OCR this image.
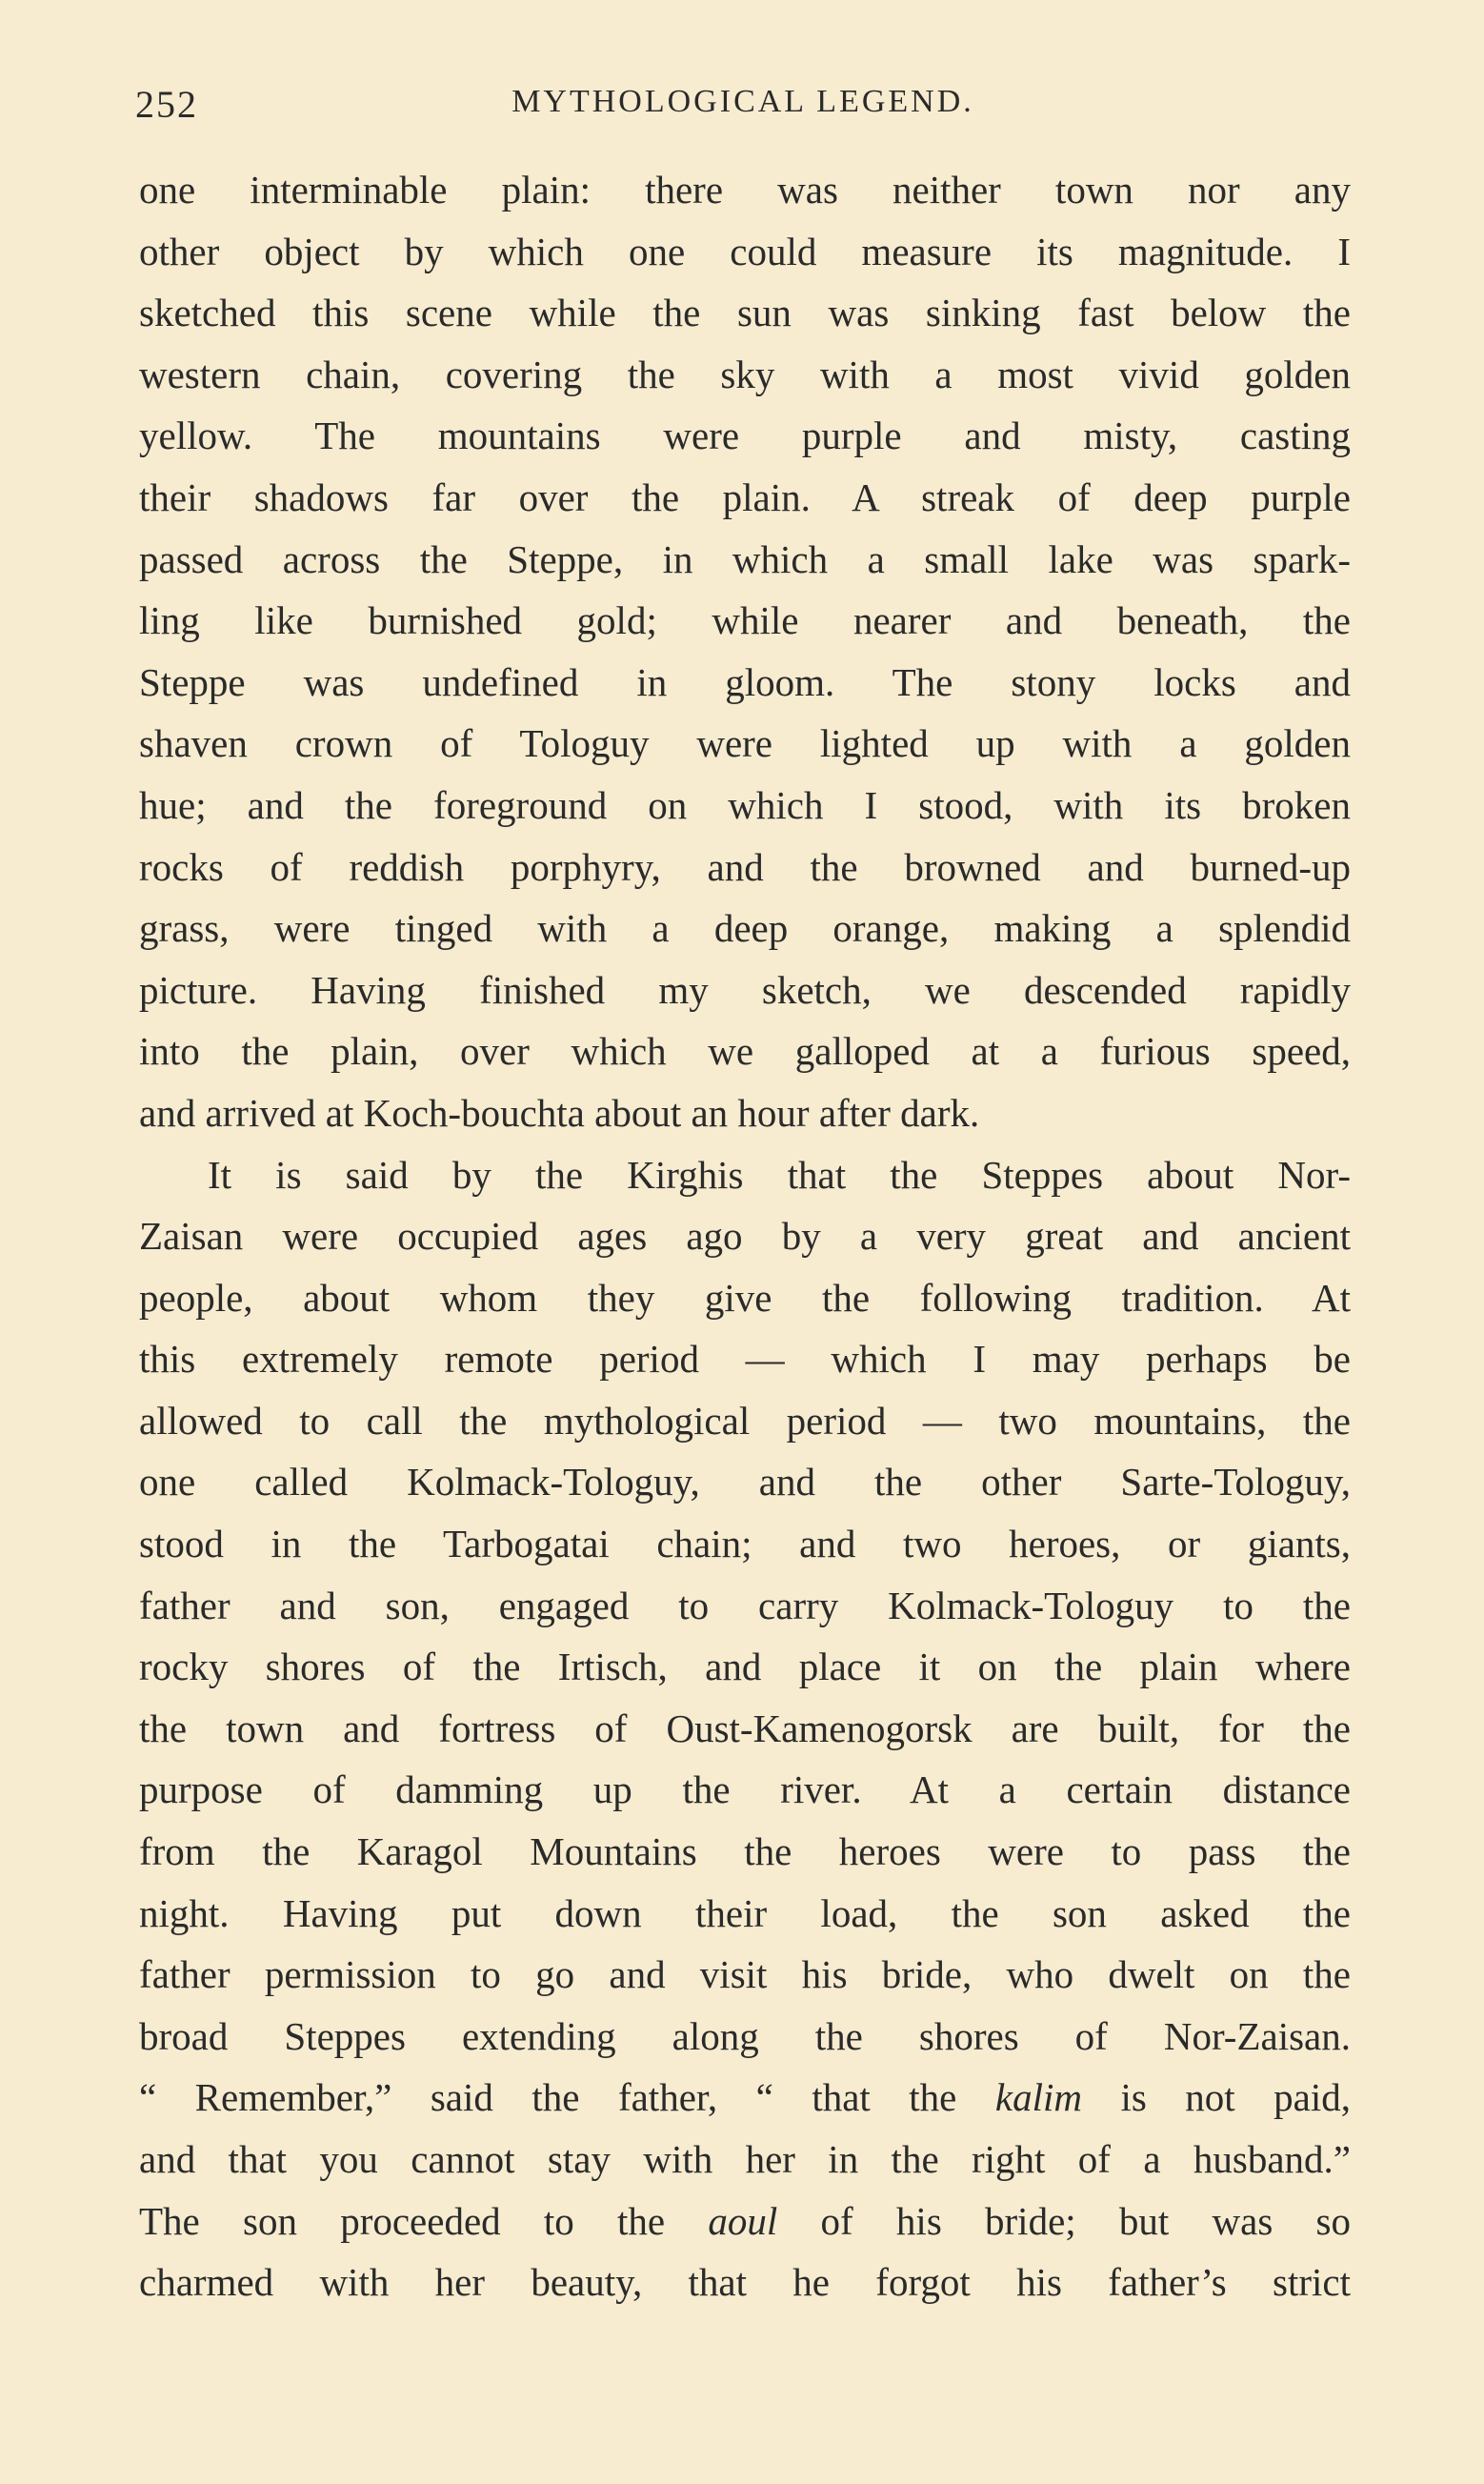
252	MYTHOLOGICAL LEGEND.
one interminable plain: there was neither town nor any
other object by which one could measure its magnitude. I
sketched this scene while the sun was sinking fast below the
western chain, covering the sky with a most vivid golden
yellow. The mountains were purple and misty, casting
their shadows far over the plain. A streak of deep purple
passed across the Steppe, in which a small lake was spark-
ling like burnished gold; while nearer and beneath, the
Steppe was undefined in gloom. The stony locks and
shaven crown of Tologuy were lighted up with a golden
hue; and the foreground on which I stood, with its broken
rocks of reddish porphyry, and the browned and burned-up
grass, were tinged with a deep orange, making a splendid
picture. Having finished my sketch, we descended rapidly
into the plain, over which we galloped at a furious speed,
and arrived at Koch-bouchta about an hour after dark.
It is said by the Kirghis that the Steppes about Nor-
Zaisan were occupied ages ago by a very great and ancient
people, about whom they give the following tradition. At
this extremely remote period — which I may perhaps be
allowed to call the mythological period — two mountains, the
one called Kolmack-Tologuy, and the other Sarte-Tologuy,
stood in the Tarbogatai chain; and two heroes, or giants,
father and son, engaged to carry Kolmack-Tologuy to the
rocky shores of the Irtisch, and place it on the plain where
the town and fortress of Oust-Kamenogorsk are built, for the
purpose of damming up the river. At a certain distance
from the Karagol Mountains the heroes were to pass the
night. Having put down their load, the son asked the
father permission to go and visit his bride, who dwelt on the
broad Steppes extending along the shores of Nor-Zaisan.
“ Remember,” said the father, “ that the kalim is not paid,
and that you cannot stay with her in the right of a husband.”
The son proceeded to the aoul of his bride; but was so
charmed with her beauty, that he forgot his father’s strict
